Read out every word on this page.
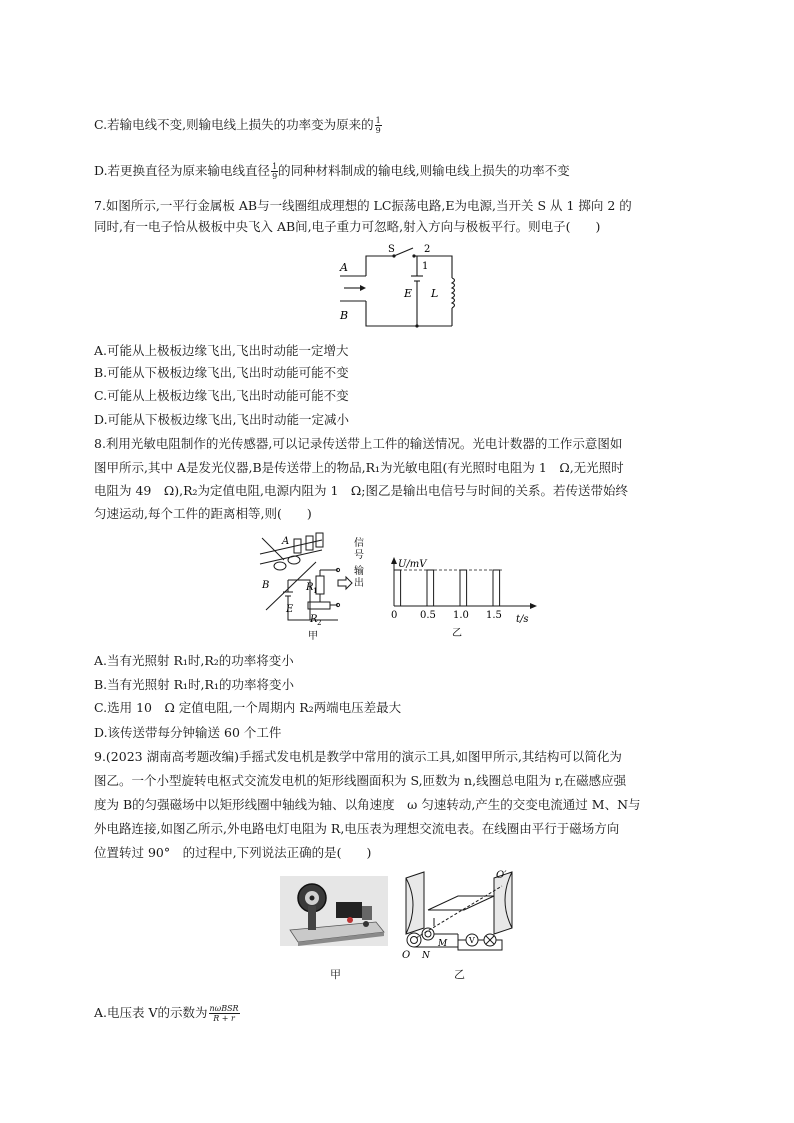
C.若输电线不变,则输电线上损失的功率变为原来的 $\frac{1}{9}$
D.若更换直径为原来输电线直径 $\frac{1}{9}$ 的同种材料制成的输电线,则输电线上损失的功率不变
7.如图所示,一平行金属板 AB与一线圈组成理想的 LC振荡电路,E为电源,当开关 S 从 1 掷向 2 的
同时,有一电子恰从极板中央飞入 AB间,电子重力可忽略,射入方向与极板平行。则电子(　　)
A
B
S	2
1
E L
A.可能从上极板边缘飞出,飞出时动能一定增大
B.可能从下极板边缘飞出,飞出时动能可能不变
C.可能从上极板边缘飞出,飞出时动能可能不变
D.可能从下极板边缘飞出,飞出时动能一定减小
8.利用光敏电阻制作的光传感器,可以记录传送带上工件的输送情况。光电计数器的工作示意图如
图甲所示,其中 A是发光仪器,B是传送带上的物品,R₁为光敏电阻(有光照时电阻为 1　Ω,无光照时
电阻为 49　Ω),R₂为定值电阻,电源内阻为 1　Ω;图乙是输出电信号与时间的关系。若传送带始终
匀速运动,每个工件的距离相等,则(　　)
A
B
E
R 1
R 2
信
号
输
出
甲
0 0.5 1.0 1.5
U/mV
t/s
乙
A.当有光照射 R₁时,R₂的功率将变小
B.当有光照射 R₁时,R₁的功率将变小
C.选用 10　Ω 定值电阻,一个周期内 R₂两端电压差最大
D.该传送带每分钟输送 60 个工件
9.(2023 湖南高考题改编)手摇式发电机是教学中常用的演示工具,如图甲所示,其结构可以简化为
图乙。一个小型旋转电枢式交流发电机的矩形线圈面积为 S,匝数为 n,线圈总电阻为 r,在磁感应强
度为 B的匀强磁场中以矩形线圈中轴线为轴、以角速度　ω 匀速转动,产生的交变电流通过 M、N与
外电路连接,如图乙所示,外电路电灯电阻为 R,电压表为理想交流电表。在线圈由平行于磁场方向
位置转过 90°　的过程中,下列说法正确的是(　　)
V
O′
M
N
O
甲	乙
A.电压表 V的示数为 $\frac{\text{nωBSR}}{R + r}$
